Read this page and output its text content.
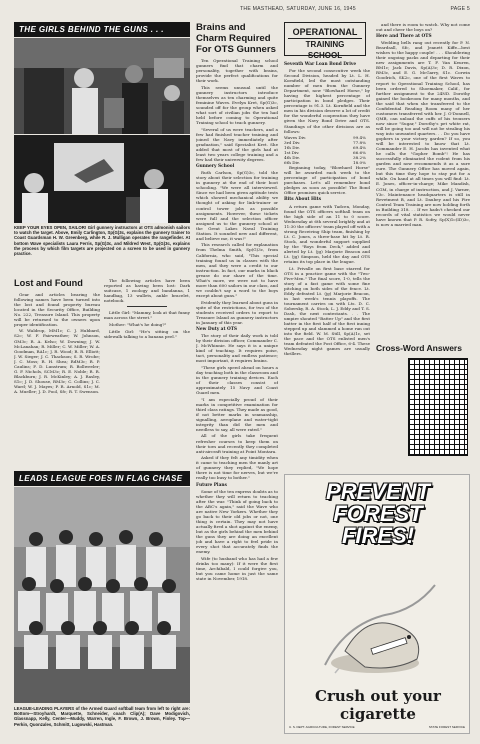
THE MASTHEAD, SATURDAY, JUNE 16, 1945	PAGE 5
THE GIRLS BEHIND THE GUNS . . .
KEEP YOUR EYES OPEN, SAILOR! Girl gunnery instructors at OTS admonish sailors to watch the target. Above, Emily Carlington, Sp(G)3c, explains the gunnery trainer to Coast Guardsman H. W. Greenberg, while R. J. Mulligan operates the rangefinder. At bottom Wave specialists Laura Ferris, Sp(G)3c, and Mildred West, Sp(G)3c, explains the process by which film targets are projected on a screen to be used in gunnery practice.
Lost and Found

Gear and articles bearing the following names have been turned into the lost and found property bureau located in the Security Office, Building No. 222, Treasure Island. This property will be returned to the owners upon proper identification.

W. Waldrop, MM1c; C. J. Hubbard, S2c; W. F. Fairweather; W. Johnson, GM3c; R. A. Kelso; W. Downing; J. W. McLanahan; R. Miller; C. W. Miller; W. A. Goodman, RA1c; J. R. Wood; R. R. Elliott; J. W. Sieger; J. C. Thackson; S. R. Wrobe; J. C. Moss; R. H. Shea; RdM3c; R. P. Caulins; F. D. Lunstrum; R. Bollweeler; G. F. Nichols, SCM3c; R. E. Noble; R. R. Blackburn; J. R. McKinley; A. J. Rasley, S1c; J. D. Shouse, RM3c; C. Collins; J. C. Ward; W. J. Mayes; P. R. Arnold, S1c; M. A. Mueller; J. D. Pool, Sfc; R. T. Swenson.

The following articles have been reported as having been lost: Dark suitcase, 1 zoology and bandanna, 1 handbag, 13 wallets, ankle bracelet, notebook.

Little Girl: "Mammy, look at that funny man across the street."

Mother: "What's he doing?"

Little Girl: "He's sitting on the sidewalk talking to a banana peel."

LEADS LEAGUE FOES IN FLAG CHASE
LEAGUE-LEADING PLAYERS of the Armed Guard softball team from left to right are: Bottom—Stroyhardt, Marquette, Schneider, coach Clip(A); Dave Modigovich, Glassnapp, Kelly, Center—Muddy, Warren, Ingle, F. Brown, J. Brown, Finley. Top—Perkin, Quonzales, Schmitt, Lugowski, Hastman.
Brains and Charm Required For OTS Gunners

Ten Operational Training school gunners find that charm and personality, together with brains, provide the perfect qualifications for their work.

This seems unusual until the gunnery instructors introduce themselves as ten charming and quite feminine Waves. Evelyn Kret, Sp(G)3c, sounded off for the group when asked what sort of civilian jobs the ten had held before coming to Operational Training school to teach gunnery.

"Several of us were teachers, and a few had finished teacher training and joined the Navy immediately after graduation," said Specialist Kret. She added that most of the girls had at least two years college training and a few had their university degrees.

Gunnery School

Ruth Carlson, Sp(G)3c, told the story about their selection for training in gunnery at the end of their boot schooling. "We were all interviewed. Since we had been given aptitude tests which showed mechanical ability we thought of asking for link-trainer or control tower jobs as possible assignments. However, these tickets were full and the selection officer assigned us to the gunnery school at the Great Lakes Naval Training Station. It sounded new and different, and believe me, it was!"

This research called for explanation from Thelma Smith, Sp(G)3c, from California, who said, "This special training found us in classes with the men, and they were a credit to our instruction. In fact, our marks in black grease do our share of the time. What's more, we were not to have more than 600 sailors in our class, and we couldn't say a word to the boys except about guns."

Evidently they learned about guns in spite of the restrictions, for two of the students received orders to report to Treasure Island as gunnery instructors in January of this year.

New Duty at OTS

The story of their daily work is told by their division officer, Commander C. J. McWhinnie. He says it is a unique kind of teaching. It requires poise, tact, personality and endless patience; most important, it requires brains.

"These girls speed ahead on hours a day teaching both in the classroom and in the gunnery training devices. Each of their classes consist of approximately 15 Navy and Coast Guard men.

"I am especially proud of their marks in competitive examination for third class ratings. They made as good, if not better marks in seamanship, signalling, aeroplane and water-tight integrity than did the men and needless to say, all were rated."

All of the girls take frequent refresher courses to keep them on their toes and recently they completed anti-aircraft training at Point Montara.

Asked if they felt any timidity when it came to teaching men the manly art of gunnery they replied, "We hope there is not time for nerves, but we're really too busy to bother."

Future Plans

Some of the ten express doubts as to whether they will return to teaching after the war. "Think of going back to the ABC's again," said the Wave who are native New Yorkers. Whether they go back to their old jobs or not, one thing is certain. They may not have actually fired a shot against the enemy, but as the girls behind the men behind the guns they are doing an excellent job and have a right to feel pride in every shot that accurately finds the enemy.

Wife (to husband who has had a few drinks too many): If it were the first time, Archibald, I could forgive you, but you came home in just the same state in November, 1918.

OPERATIONAL
TRAINING SCHOOL
Seventh War Loan Bond Drive

For the second consecutive week the Second Division, headed by Lt. L. H. Kornfield, led the most outstanding number of men from the Gunnery Department, now "Blowhard Horse," by having the highest percentage of participation in bond pledges. Their percentage is 91.3. Lt. Kornfield and the men in his division deserve a lot of credit for the wonderful cooperation they have given the Navy Bond Drive and OTS. Standings of the other divisions are as follows:

Waves Div.	99.4%
3rd Div.	77.8%
1th Div.	69.4%
1st Div.	66.6%
4th Div.	38.2%
6th Div.	18.0%

Beginning today, "Blowhard Horse" will be awarded each week to the percentage of participation of bond purchases. Let's all remember bond pledges as soon as possible! The Bond Office promises quick service.

Bits About Hits

A return game with Tadcen, Monday, found the OTS officers softball team on the high side of an 11 to 0 score. Wednesday at 6th several brightly and at 11:30 the officers' team played off with a strong Receiving Ship team, finishing by Lt. C. Jones, a three-base hit by Lt. R. Stock, and wonderful support supplied by the "Boys from Deck," added and alerted by Lt. (jg) Marjorie Beacon and Lt. (jg) Simpson, held the day and OTS retains its top place in the league.

Lt. Privalle on first base starred for OTS in a practice game with the "Two-Five-Men." The final score, 1-0, tells the story of a fast game with some fine pitching on both sides of the fence. Lt. Eddy defeated Lt. (jg) Marjorie Beacon, in last week's tennis playoffs. The tournament carries on with Lts. D. C. Sobersky, R. A. Stock, L. J. Eddy and T. S. Dash, the next contestants. . . The umpire shouted "Batter Up" and the first batter in the first half of the first inning stepped up and slammed a home run out into the field. W. M. Still, Sp(A)1c, set the pace and the OTS enlisted men's team defeated the Post Office, 6-4. These Wednesday night games are usually thrillers.

and there is room to watch. Why not come out and cheer the boys on?

Here and There at OTS

Wedding bells rang out recently for P. N. Beardsall, Sfc, and Jeanett Kiffe—best wishes to the happy couple! . . . Shouldering their ongoing packs and departing for their new assignments are T. F. Van Keuren, BM1c; Jack Davis, Sp(A)3c; D. R. Dixon, RM3c, and E. G. McGarry, S1c. Corwin Goodrich, SK2c, one of the first Waves to report to Operational Training School, has been ordered to Shoemaker, Calif., for further assignment to the 24ND. Dorothy gained the bookroom for many months, and the said that when she transferred to the Confidential Reading Room many of her customers transferred with her. J. O'Donnell, QMB, can unload the cuffs of his trousers now since "Sugar," Dorothy's pet white rat, will be going too and will not be stealing his way into unwanted quarters. . . Do you have gophers in your victory garden? If so, you will be interested to know that Lt. Commander E. H. Jacobs has invented what he calls the "Gopher Bomb"! He has successfully eliminated the rodent from his garden and now recommends it as a sure cure. The Gunnery Office has moved again, but this time they hope to stay put for a while. On hand at all times you will find: Lt. E. Jones, officer-in-charge; Mike Mandish, CGM, in charge of instruction, and J. Varner, Y3c. Maintenance headquarters is still in Revetment B, and Lt. Daubey and his Fire Control Team Training are now holding forth in Building 318. . . If we hadn't checked our records of vital statistics we would never have known that P. R. Sofry, Sp(X)1c(ID)3c, is now a married man.

Cross-Word Answers
PREVENT
FOREST
FIRES!
Crush out your cigarette
U. S. DEPT. AGRICULTURE, FOREST SERVICE	STATE FOREST SERVICE
